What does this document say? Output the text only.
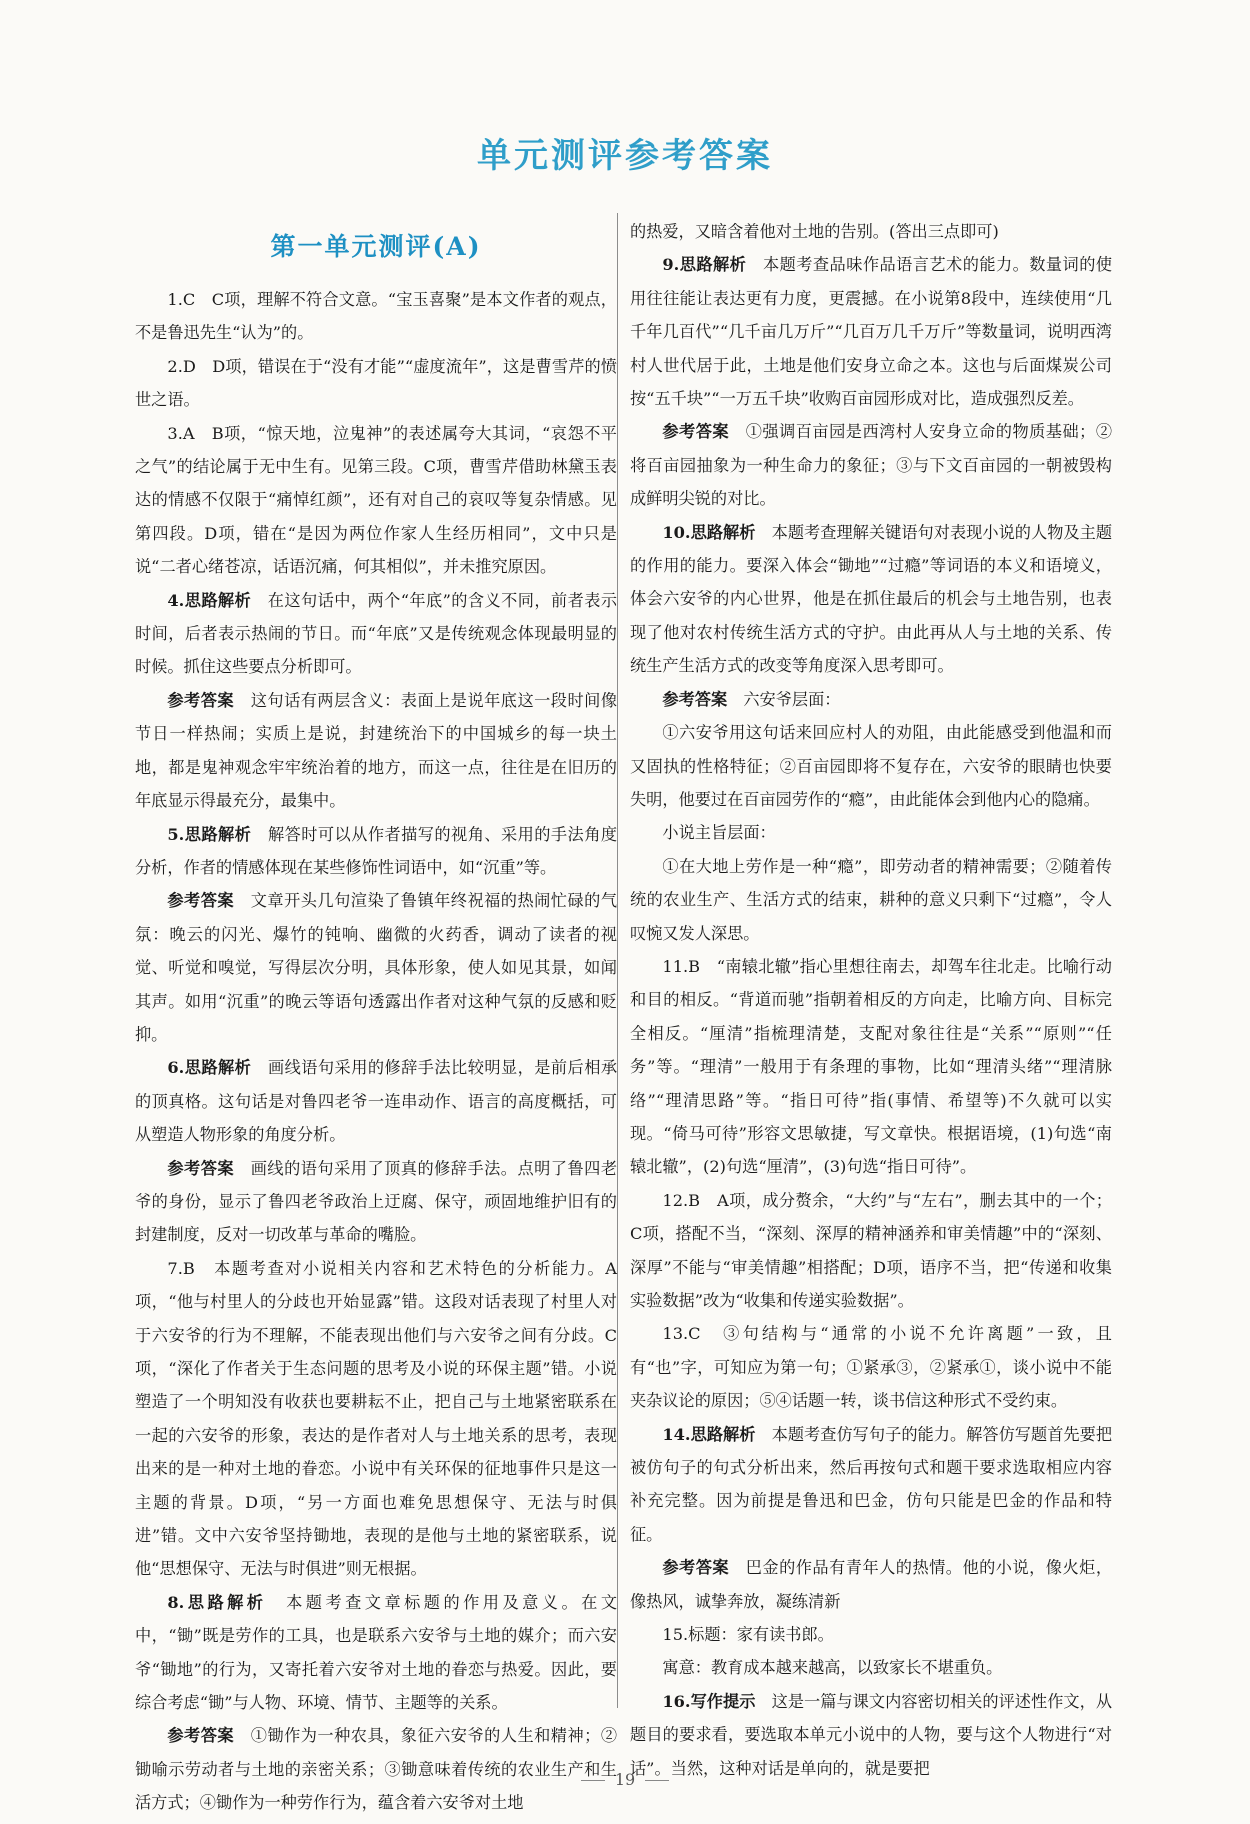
单元测评参考答案
第一单元测评(A)

1.C　C项，理解不符合文意。“宝玉喜聚”是本文作者的观点，不是鲁迅先生“认为”的。

2.D　D项，错误在于“没有才能”“虚度流年”，这是曹雪芹的愤世之语。

3.A　B项，“惊天地，泣鬼神”的表述属夸大其词，“哀怨不平之气”的结论属于无中生有。见第三段。C项，曹雪芹借助林黛玉表达的情感不仅限于“痛悼红颜”，还有对自己的哀叹等复杂情感。见第四段。D项，错在“是因为两位作家人生经历相同”，文中只是说“二者心绪苍凉，话语沉痛，何其相似”，并未推究原因。

4.思路解析　 在这句话中，两个“年底”的含义不同，前者表示时间，后者表示热闹的节日。而“年底”又是传统观念体现最明显的时候。抓住这些要点分析即可。

参考答案　 这句话有两层含义：表面上是说年底这一段时间像节日一样热闹；实质上是说，封建统治下的中国城乡的每一块土地，都是鬼神观念牢牢统治着的地方，而这一点，往往是在旧历的年底显示得最充分，最集中。

5.思路解析　 解答时可以从作者描写的视角、采用的手法角度分析，作者的情感体现在某些修饰性词语中，如“沉重”等。

参考答案　 文章开头几句渲染了鲁镇年终祝福的热闹忙碌的气氛：晚云的闪光、爆竹的钝响、幽微的火药香，调动了读者的视觉、听觉和嗅觉，写得层次分明，具体形象，使人如见其景，如闻其声。如用“沉重”的晚云等语句透露出作者对这种气氛的反感和贬抑。

6.思路解析　 画线语句采用的修辞手法比较明显，是前后相承的顶真格。这句话是对鲁四老爷一连串动作、语言的高度概括，可从塑造人物形象的角度分析。

参考答案　 画线的语句采用了顶真的修辞手法。点明了鲁四老爷的身份，显示了鲁四老爷政治上迂腐、保守，顽固地维护旧有的封建制度，反对一切改革与革命的嘴脸。

7.B　本题考查对小说相关内容和艺术特色的分析能力。A项，“他与村里人的分歧也开始显露”错。这段对话表现了村里人对于六安爷的行为不理解，不能表现出他们与六安爷之间有分歧。C项，“深化了作者关于生态问题的思考及小说的环保主题”错。小说塑造了一个明知没有收获也要耕耘不止，把自己与土地紧密联系在一起的六安爷的形象，表达的是作者对人与土地关系的思考，表现出来的是一种对土地的眷恋。小说中有关环保的征地事件只是这一主题的背景。D项，“另一方面也难免思想保守、无法与时俱进”错。文中六安爷坚持锄地，表现的是他与土地的紧密联系，说他“思想保守、无法与时俱进”则无根据。

8.思路解析　 本题考查文章标题的作用及意义。在文中，“锄”既是劳作的工具，也是联系六安爷与土地的媒介；而六安爷“锄地”的行为，又寄托着六安爷对土地的眷恋与热爱。因此，要综合考虑“锄”与人物、环境、情节、主题等的关系。

参考答案　 ①锄作为一种农具，象征六安爷的人生和精神；②锄喻示劳动者与土地的亲密关系；③锄意味着传统的农业生产和生活方式；④锄作为一种劳作行为，蕴含着六安爷对土地

的热爱，又暗含着他对土地的告别。(答出三点即可)

9.思路解析　 本题考查品味作品语言艺术的能力。数量词的使用往往能让表达更有力度，更震撼。在小说第8段中，连续使用“几千年几百代”“几千亩几万斤”“几百万几千万斤”等数量词，说明西湾村人世代居于此，土地是他们安身立命之本。这也与后面煤炭公司按“五千块”“一万五千块”收购百亩园形成对比，造成强烈反差。

参考答案　 ①强调百亩园是西湾村人安身立命的物质基础；②将百亩园抽象为一种生命力的象征；③与下文百亩园的一朝被毁构成鲜明尖锐的对比。

10.思路解析　 本题考查理解关键语句对表现小说的人物及主题的作用的能力。要深入体会“锄地”“过瘾”等词语的本义和语境义，体会六安爷的内心世界，他是在抓住最后的机会与土地告别，也表现了他对农村传统生活方式的守护。由此再从人与土地的关系、传统生产生活方式的改变等角度深入思考即可。

参考答案　 六安爷层面：

①六安爷用这句话来回应村人的劝阻，由此能感受到他温和而又固执的性格特征；②百亩园即将不复存在，六安爷的眼睛也快要失明，他要过在百亩园劳作的“瘾”，由此能体会到他内心的隐痛。

小说主旨层面：

①在大地上劳作是一种“瘾”，即劳动者的精神需要；②随着传统的农业生产、生活方式的结束，耕种的意义只剩下“过瘾”，令人叹惋又发人深思。

11.B　“南辕北辙”指心里想往南去，却驾车往北走。比喻行动和目的相反。“背道而驰”指朝着相反的方向走，比喻方向、目标完全相反。“厘清”指梳理清楚，支配对象往往是“关系”“原则”“任务”等。“理清”一般用于有条理的事物，比如“理清头绪”“理清脉络”“理清思路”等。“指日可待”指(事情、希望等)不久就可以实现。“倚马可待”形容文思敏捷，写文章快。根据语境，(1)句选“南辕北辙”，(2)句选“厘清”，(3)句选“指日可待”。

12.B　A项，成分赘余，“大约”与“左右”，删去其中的一个；C项，搭配不当，“深刻、深厚的精神涵养和审美情趣”中的“深刻、深厚”不能与“审美情趣”相搭配；D项，语序不当，把“传递和收集实验数据”改为“收集和传递实验数据”。

13.C　③句结构与“通常的小说不允许离题”一致，且有“也”字，可知应为第一句；①紧承③，②紧承①，谈小说中不能夹杂议论的原因；⑤④话题一转，谈书信这种形式不受约束。

14.思路解析　 本题考查仿写句子的能力。解答仿写题首先要把被仿句子的句式分析出来，然后再按句式和题干要求选取相应内容补充完整。因为前提是鲁迅和巴金，仿句只能是巴金的作品和特征。

参考答案　 巴金的作品有青年人的热情。他的小说，像火炬，像热风，诚挚奔放，凝练清新

15.标题：家有读书郎。

寓意：教育成本越来越高，以致家长不堪重负。

16.写作提示　 这是一篇与课文内容密切相关的评述性作文，从题目的要求看，要选取本单元小说中的人物，要与这个人物进行“对话”。当然，这种对话是单向的，就是要把

19
